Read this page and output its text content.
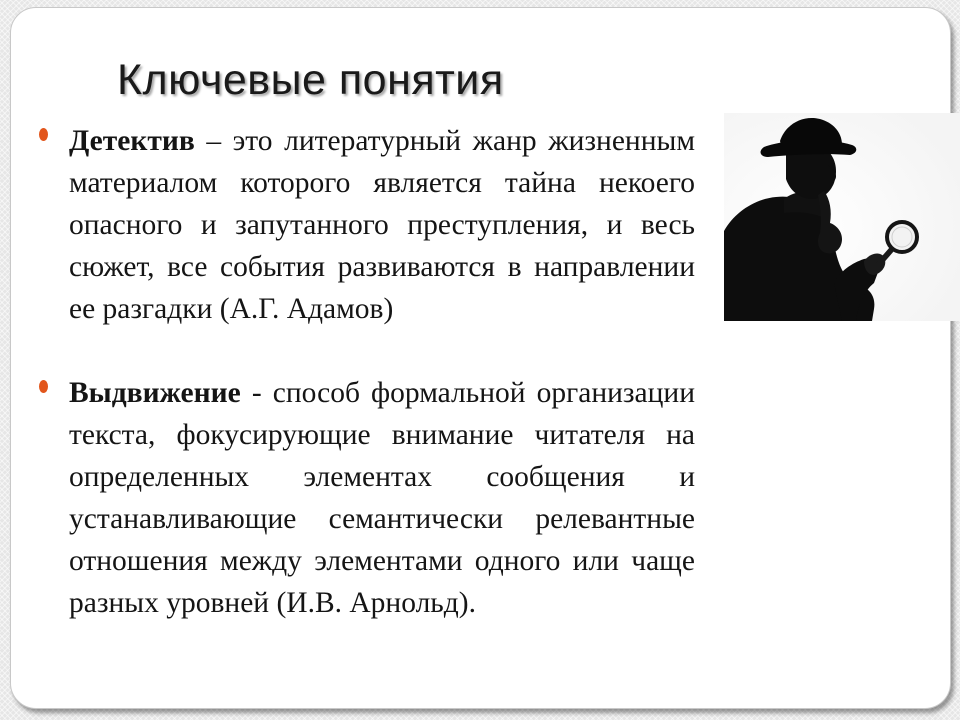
Ключевые понятия
Детектив – это литературный жанр жизненным материалом которого является тайна некоего опасного и запутанного преступления, и весь сюжет, все события развиваются в направлении ее разгадки (А.Г. Адамов)
Выдвижение - способ формальной организации текста, фокусирующие внимание читателя на определенных элементах сообщения и устанавливающие семантически релевантные отношения между элементами одного или чаще разных уровней (И.В. Арнольд).
